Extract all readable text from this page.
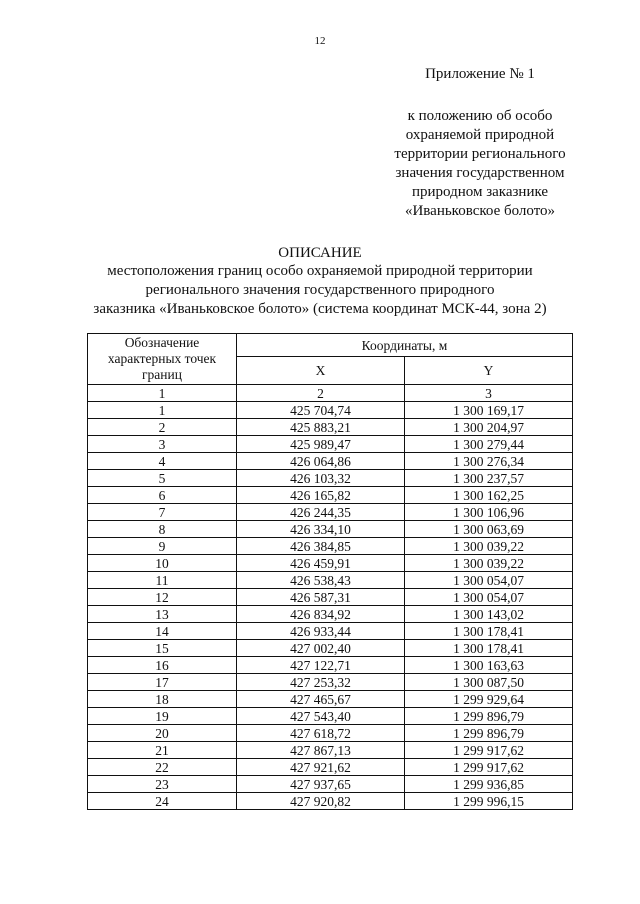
12
Приложение № 1
к положению об особо
охраняемой природной
территории регионального
значения государственном
природном заказнике
«Иваньковское болото»
ОПИСАНИЕ
местоположения границ особо охраняемой природной территории
регионального значения государственного природного
заказника «Иваньковское болото» (система координат МСК-44, зона 2)
Обозначение характерных точек границ	Координаты, м	
	X	Y
1	2	3
1	425 704,74	1 300 169,17
2	425 883,21	1 300 204,97
3	425 989,47	1 300 279,44
4	426 064,86	1 300 276,34
5	426 103,32	1 300 237,57
6	426 165,82	1 300 162,25
7	426 244,35	1 300 106,96
8	426 334,10	1 300 063,69
9	426 384,85	1 300 039,22
10	426 459,91	1 300 039,22
11	426 538,43	1 300 054,07
12	426 587,31	1 300 054,07
13	426 834,92	1 300 143,02
14	426 933,44	1 300 178,41
15	427 002,40	1 300 178,41
16	427 122,71	1 300 163,63
17	427 253,32	1 300 087,50
18	427 465,67	1 299 929,64
19	427 543,40	1 299 896,79
20	427 618,72	1 299 896,79
21	427 867,13	1 299 917,62
22	427 921,62	1 299 917,62
23	427 937,65	1 299 936,85
24	427 920,82	1 299 996,15
